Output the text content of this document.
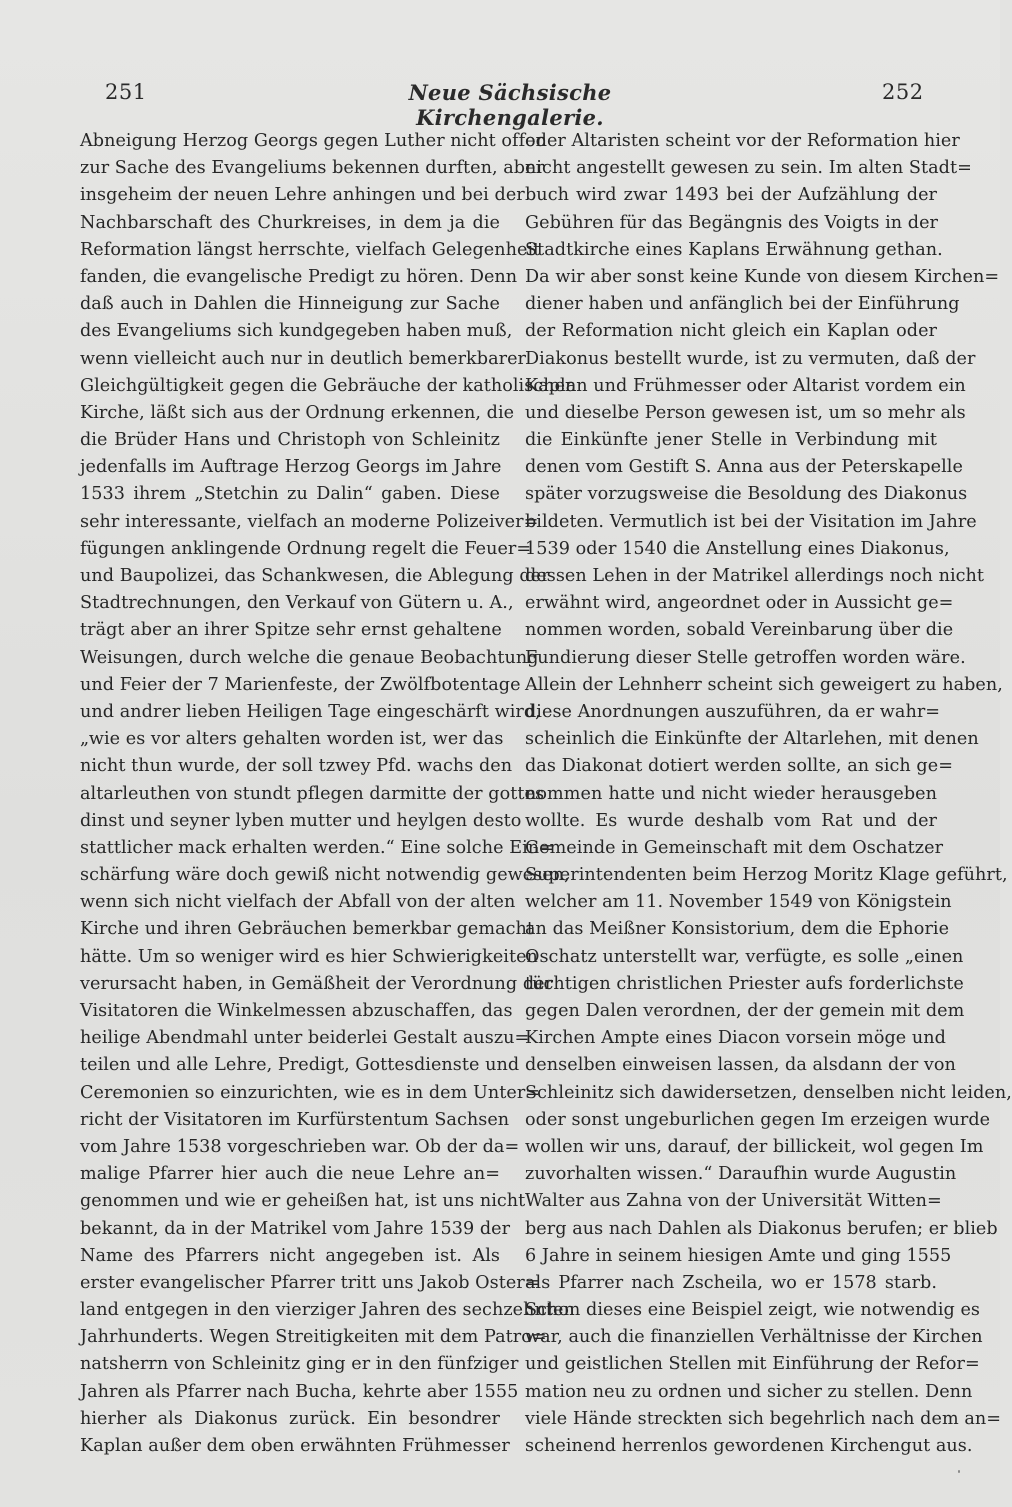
251	Neue Sächsische Kirchengalerie.
252
Abneigung Herzog Georgs gegen Luther nicht offen
zur Sache des Evangeliums bekennen durften, aber
insgeheim der neuen Lehre anhingen und bei der
Nachbarschaft des Churkreises, in dem ja die
Reformation längst herrschte, vielfach Gelegenheit
fanden, die evangelische Predigt zu hören. Denn
daß auch in Dahlen die Hinneigung zur Sache
des Evangeliums sich kundgegeben haben muß,
wenn vielleicht auch nur in deutlich bemerkbarer
Gleichgültigkeit gegen die Gebräuche der katholischen
Kirche, läßt sich aus der Ordnung erkennen, die
die Brüder Hans und Christoph von Schleinitz
jedenfalls im Auftrage Herzog Georgs im Jahre
1533 ihrem „Stetchin zu Dalin“ gaben. Diese
sehr interessante, vielfach an moderne Polizeiver=
fügungen anklingende Ordnung regelt die Feuer=
und Baupolizei, das Schankwesen, die Ablegung der
Stadtrechnungen, den Verkauf von Gütern u. A.,
trägt aber an ihrer Spitze sehr ernst gehaltene
Weisungen, durch welche die genaue Beobachtung
und Feier der 7 Marienfeste, der Zwölfbotentage
und andrer lieben Heiligen Tage eingeschärft wird,
„wie es vor alters gehalten worden ist, wer das
nicht thun wurde, der soll tzwey Pfd. wachs den
altarleuthen von stundt pflegen darmitte der gottes
dinst und seyner lyben mutter und heylgen desto
stattlicher mack erhalten werden.“ Eine solche Ein=
schärfung wäre doch gewiß nicht notwendig gewesen,
wenn sich nicht vielfach der Abfall von der alten
Kirche und ihren Gebräuchen bemerkbar gemacht
hätte. Um so weniger wird es hier Schwierigkeiten
verursacht haben, in Gemäßheit der Verordnung der
Visitatoren die Winkelmessen abzuschaffen, das
heilige Abendmahl unter beiderlei Gestalt auszu=
teilen und alle Lehre, Predigt, Gottesdienste und
Ceremonien so einzurichten, wie es in dem Unter=
richt der Visitatoren im Kurfürstentum Sachsen
vom Jahre 1538 vorgeschrieben war. Ob der da=
malige Pfarrer hier auch die neue Lehre an=
genommen und wie er geheißen hat, ist uns nicht
bekannt, da in der Matrikel vom Jahre 1539 der
Name des Pfarrers nicht angegeben ist. Als
erster evangelischer Pfarrer tritt uns Jakob Oster=
land entgegen in den vierziger Jahren des sechzehnten
Jahrhunderts. Wegen Streitigkeiten mit dem Patro=
natsherrn von Schleinitz ging er in den fünfziger
Jahren als Pfarrer nach Bucha, kehrte aber 1555
hierher als Diakonus zurück. Ein besondrer
Kaplan außer dem oben erwähnten Frühmesser
oder Altaristen scheint vor der Reformation hier
nicht angestellt gewesen zu sein. Im alten Stadt=
buch wird zwar 1493 bei der Aufzählung der
Gebühren für das Begängnis des Voigts in der
Stadtkirche eines Kaplans Erwähnung gethan.
Da wir aber sonst keine Kunde von diesem Kirchen=
diener haben und anfänglich bei der Einführung
der Reformation nicht gleich ein Kaplan oder
Diakonus bestellt wurde, ist zu vermuten, daß der
Kaplan und Frühmesser oder Altarist vordem ein
und dieselbe Person gewesen ist, um so mehr als
die Einkünfte jener Stelle in Verbindung mit
denen vom Gestift S. Anna aus der Peterskapelle
später vorzugsweise die Besoldung des Diakonus
bildeten. Vermutlich ist bei der Visitation im Jahre
1539 oder 1540 die Anstellung eines Diakonus,
dessen Lehen in der Matrikel allerdings noch nicht
erwähnt wird, angeordnet oder in Aussicht ge=
nommen worden, sobald Vereinbarung über die
Fundierung dieser Stelle getroffen worden wäre.
Allein der Lehnherr scheint sich geweigert zu haben,
diese Anordnungen auszuführen, da er wahr=
scheinlich die Einkünfte der Altarlehen, mit denen
das Diakonat dotiert werden sollte, an sich ge=
nommen hatte und nicht wieder herausgeben
wollte. Es wurde deshalb vom Rat und der
Gemeinde in Gemeinschaft mit dem Oschatzer
Superintendenten beim Herzog Moritz Klage geführt,
welcher am 11. November 1549 von Königstein
an das Meißner Konsistorium, dem die Ephorie
Oschatz unterstellt war, verfügte, es solle „einen
tüchtigen christlichen Priester aufs forderlichste
gegen Dalen verordnen, der der gemein mit dem
Kirchen Ampte eines Diacon vorsein möge und
denselben einweisen lassen, da alsdann der von
Schleinitz sich dawidersetzen, denselben nicht leiden,
oder sonst ungeburlichen gegen Im erzeigen wurde
wollen wir uns, darauf, der billickeit, wol gegen Im
zuvorhalten wissen.“ Daraufhin wurde Augustin
Walter aus Zahna von der Universität Witten=
berg aus nach Dahlen als Diakonus berufen; er blieb
6 Jahre in seinem hiesigen Amte und ging 1555
als Pfarrer nach Zscheila, wo er 1578 starb.
Schon dieses eine Beispiel zeigt, wie notwendig es
war, auch die finanziellen Verhältnisse der Kirchen
und geistlichen Stellen mit Einführung der Refor=
mation neu zu ordnen und sicher zu stellen. Denn
viele Hände streckten sich begehrlich nach dem an=
scheinend herrenlos gewordenen Kirchengut aus.
